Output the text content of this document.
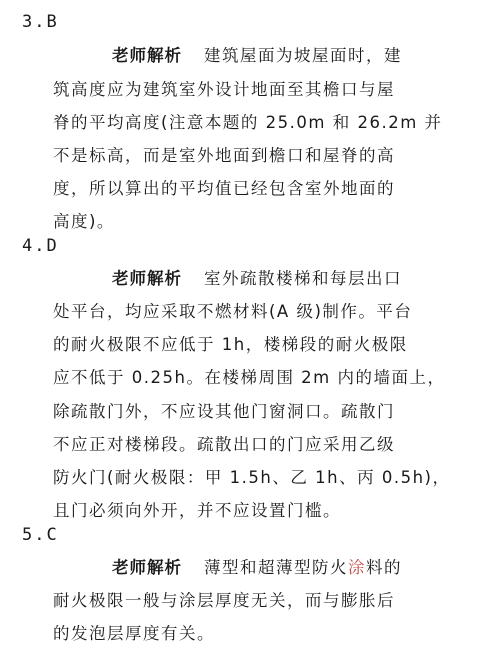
3.B
老师解析 建筑屋面为坡屋面时，建
筑高度应为建筑室外设计地面至其檐口与屋
脊的平均高度(注意本题的 25.0m 和 26.2m 并
不是标高，而是室外地面到檐口和屋脊的高
度，所以算出的平均值已经包含室外地面的
高度)。
4.D
老师解析 室外疏散楼梯和每层出口
处平台，均应采取不燃材料(A 级)制作。平台
的耐火极限不应低于 1h，楼梯段的耐火极限
应不低于 0.25h。在楼梯周围 2m 内的墙面上，
除疏散门外，不应设其他门窗洞口。疏散门
不应正对楼梯段。疏散出口的门应采用乙级
防火门(耐火极限：甲 1.5h、乙 1h、丙 0.5h)，
且门必须向外开，并不应设置门槛。
5.C
老师解析 薄型和超薄型防火涂料的
耐火极限一般与涂层厚度无关，而与膨胀后
的发泡层厚度有关。
